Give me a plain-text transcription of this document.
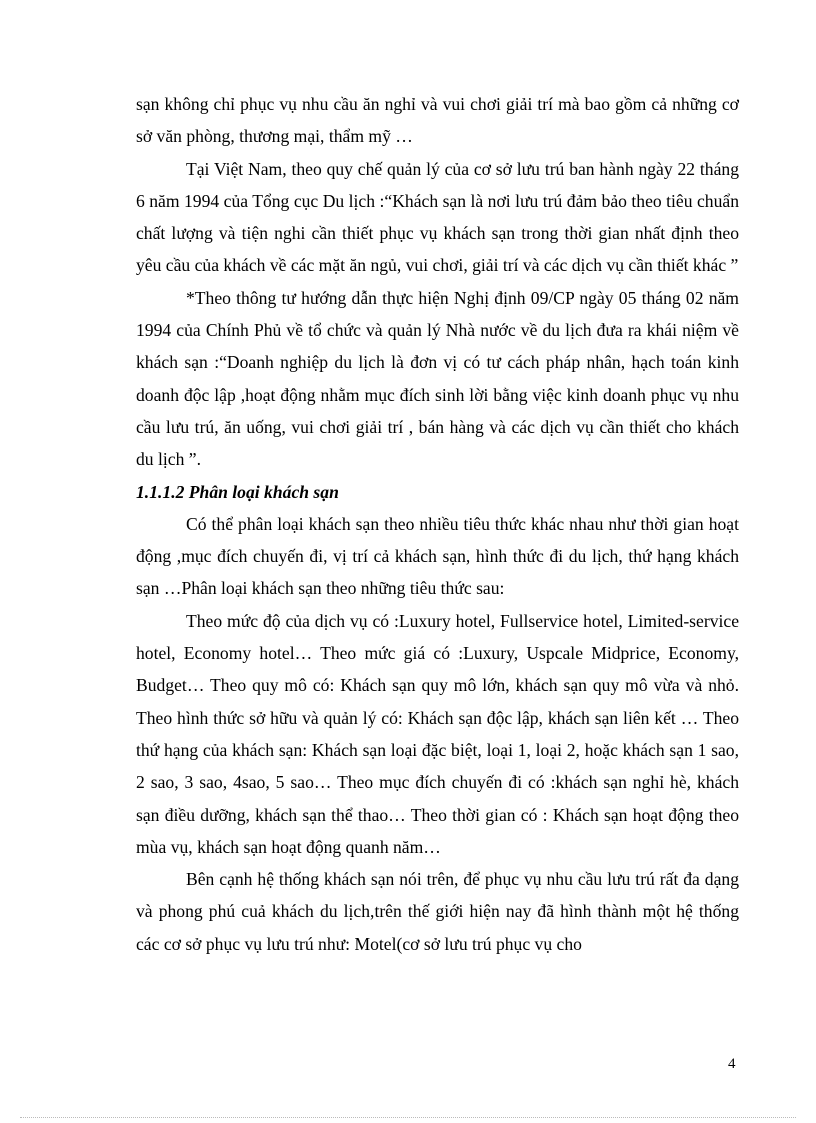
sạn không chỉ phục vụ nhu cầu ăn nghỉ và vui chơi giải trí mà bao gồm cả những cơ sở văn phòng, thương mại, thẩm mỹ …

Tại Việt Nam, theo quy chế quản lý của cơ sở lưu trú ban hành ngày 22 tháng 6 năm 1994 của Tổng cục Du lịch :“Khách sạn là nơi lưu trú đảm bảo theo tiêu chuẩn chất lượng và tiện nghi cần thiết phục vụ khách sạn trong thời gian nhất định theo yêu cầu của khách về các mặt ăn ngủ, vui chơi, giải trí và các dịch vụ cần thiết khác ”

*Theo thông tư hướng dẫn thực hiện Nghị định 09/CP ngày 05 tháng 02 năm 1994 của Chính Phủ về tổ chức và quản lý Nhà nước về du lịch đưa ra khái niệm về khách sạn :“Doanh nghiệp du lịch là đơn vị có tư cách pháp nhân, hạch toán kinh doanh độc lập ,hoạt động nhằm mục đích sinh lời bằng việc kinh doanh phục vụ nhu cầu lưu trú, ăn uống, vui chơi giải trí , bán hàng và các dịch vụ cần thiết cho khách du lịch ”.

1.1.1.2 Phân loại khách sạn

Có thể phân loại khách sạn theo nhiều tiêu thức khác nhau như thời gian hoạt động ,mục đích chuyến đi, vị trí cả khách sạn, hình thức đi du lịch, thứ hạng khách sạn …Phân loại khách sạn theo những tiêu thức sau:

Theo mức độ của dịch vụ có :Luxury hotel, Fullservice hotel, Limited-service hotel, Economy hotel… Theo mức giá có :Luxury, Uspcale Midprice, Economy, Budget… Theo quy mô có: Khách sạn quy mô lớn, khách sạn quy mô vừa và nhỏ. Theo hình thức sở hữu và quản lý có: Khách sạn độc lập, khách sạn liên kết … Theo thứ hạng của khách sạn: Khách sạn loại đặc biệt, loại 1, loại 2, hoặc khách sạn 1 sao, 2 sao, 3 sao, 4sao, 5 sao… Theo mục đích chuyến đi có :khách sạn nghỉ hè, khách sạn điều dưỡng, khách sạn thể thao… Theo thời gian có : Khách sạn hoạt động theo mùa vụ, khách sạn hoạt động quanh năm…

Bên cạnh hệ thống khách sạn nói trên, để phục vụ nhu cầu lưu trú rất đa dạng và phong phú cuả khách du lịch,trên thế giới hiện nay đã hình thành một hệ thống các cơ sở phục vụ lưu trú như: Motel(cơ sở lưu trú phục vụ cho

4
